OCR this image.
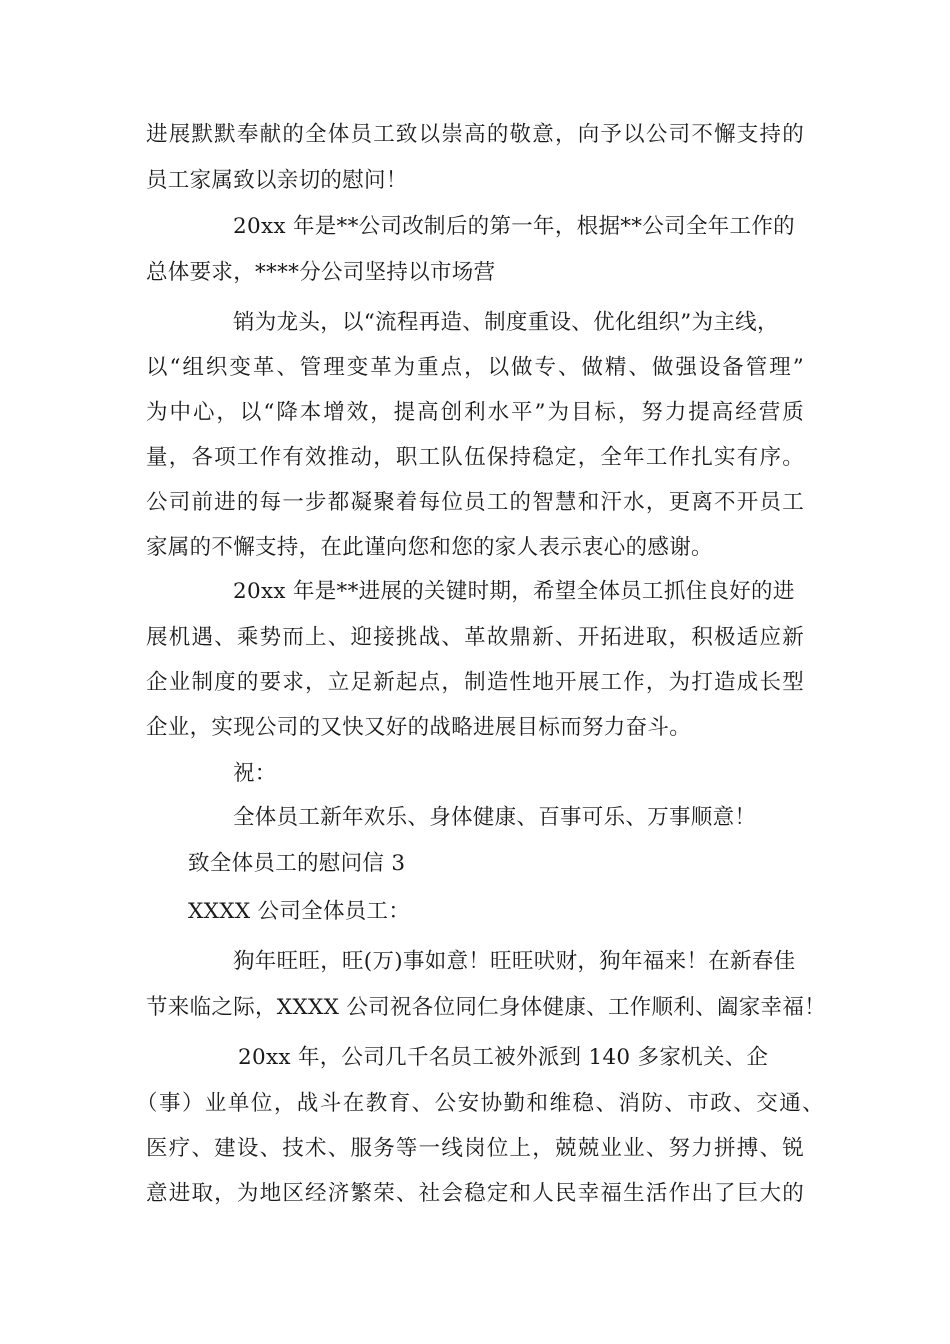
进展默默奉献的全体员工致以崇高的敬意，向予以公司不懈支持的

员工家属致以亲切的慰问！

20xx 年是**公司改制后的第一年，根据**公司全年工作的

总体要求，****分公司坚持以市场营

销为龙头，以“流程再造、制度重设、优化组织”为主线，

以“组织变革、管理变革为重点，以做专、做精、做强设备管理”

为中心，以“降本增效，提高创利水平”为目标，努力提高经营质

量，各项工作有效推动，职工队伍保持稳定，全年工作扎实有序。

公司前进的每一步都凝聚着每位员工的智慧和汗水，更离不开员工

家属的不懈支持，在此谨向您和您的家人表示衷心的感谢。

20xx 年是**进展的关键时期，希望全体员工抓住良好的进

展机遇、乘势而上、迎接挑战、革故鼎新、开拓进取，积极适应新

企业制度的要求，立足新起点，制造性地开展工作，为打造成长型

企业，实现公司的又快又好的战略进展目标而努力奋斗。

祝：

全体员工新年欢乐、身体健康、百事可乐、万事顺意！

致全体员工的慰问信 3

XXXX 公司全体员工：

狗年旺旺，旺(万)事如意！旺旺吠财，狗年福来！在新春佳

节来临之际，XXXX 公司祝各位同仁身体健康、工作顺利、阖家幸福！

20xx 年，公司几千名员工被外派到 140 多家机关、企

（事）业单位，战斗在教育、公安协勤和维稳、消防、市政、交通、

医疗、建设、技术、服务等一线岗位上，兢兢业业、努力拼搏、锐

意进取，为地区经济繁荣、社会稳定和人民幸福生活作出了巨大的
